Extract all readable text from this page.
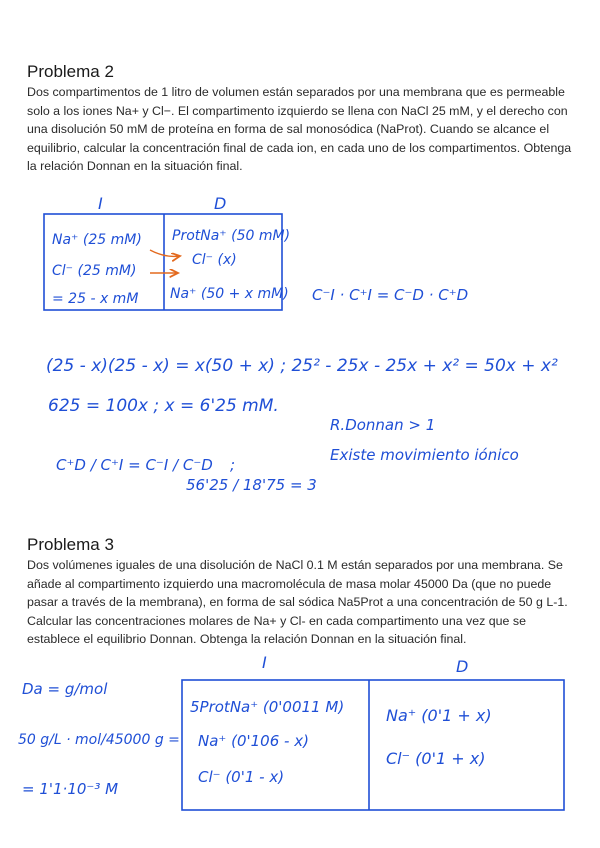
Problema 2

Dos compartimentos de 1 litro de volumen están separados por una membrana que es permeable solo a los iones Na+ y Cl−. El compartimento izquierdo se llena con NaCl 25 mM, y el derecho con una disolución 50 mM de proteína en forma de sal monosódica (NaProt). Cuando se alcance el equilibrio, calcular la concentración final de cada ion, en cada uno de los compartimentos. Obtenga la relación Donnan en la situación final.

Problema 3

Dos volúmenes iguales de una disolución de NaCl 0.1 M están separados por una membrana. Se añade al compartimento izquierdo una macromolécula de masa molar 45000 Da (que no puede pasar a través de la membrana), en forma de sal sódica Na5Prot a una concentración de 50 g L-1. Calcular las concentraciones molares de Na+ y Cl- en cada compartimento una vez que se establece el equilibrio Donnan. Obtenga la relación Donnan en la situación final.

I	D
Na⁺ (25 mM)
Cl⁻ (25 mM)
= 25 - x mM
ProtNa⁺ (50 mM)
Cl⁻ (x)
Na⁺ (50 + x mM) C⁻I · C⁺I = C⁻D · C⁺D
(25 - x)(25 - x) = x(50 + x) ; 25² - 25x - 25x + x² = 50x + x²
625 = 100x ; x = 6'25 mM.
C⁺D / C⁺I = C⁻I / C⁻D ;
56'25 / 18'75 = 3
R.Donnan > 1
Existe movimiento iónico
I	D
Da = g/mol
50 g/L · mol/45000 g =
= 1'1·10⁻³ M
5ProtNa⁺ (0'0011 M)
Na⁺ (0'106 - x)
Cl⁻ (0'1 - x)
Na⁺ (0'1 + x)
Cl⁻ (0'1 + x)
